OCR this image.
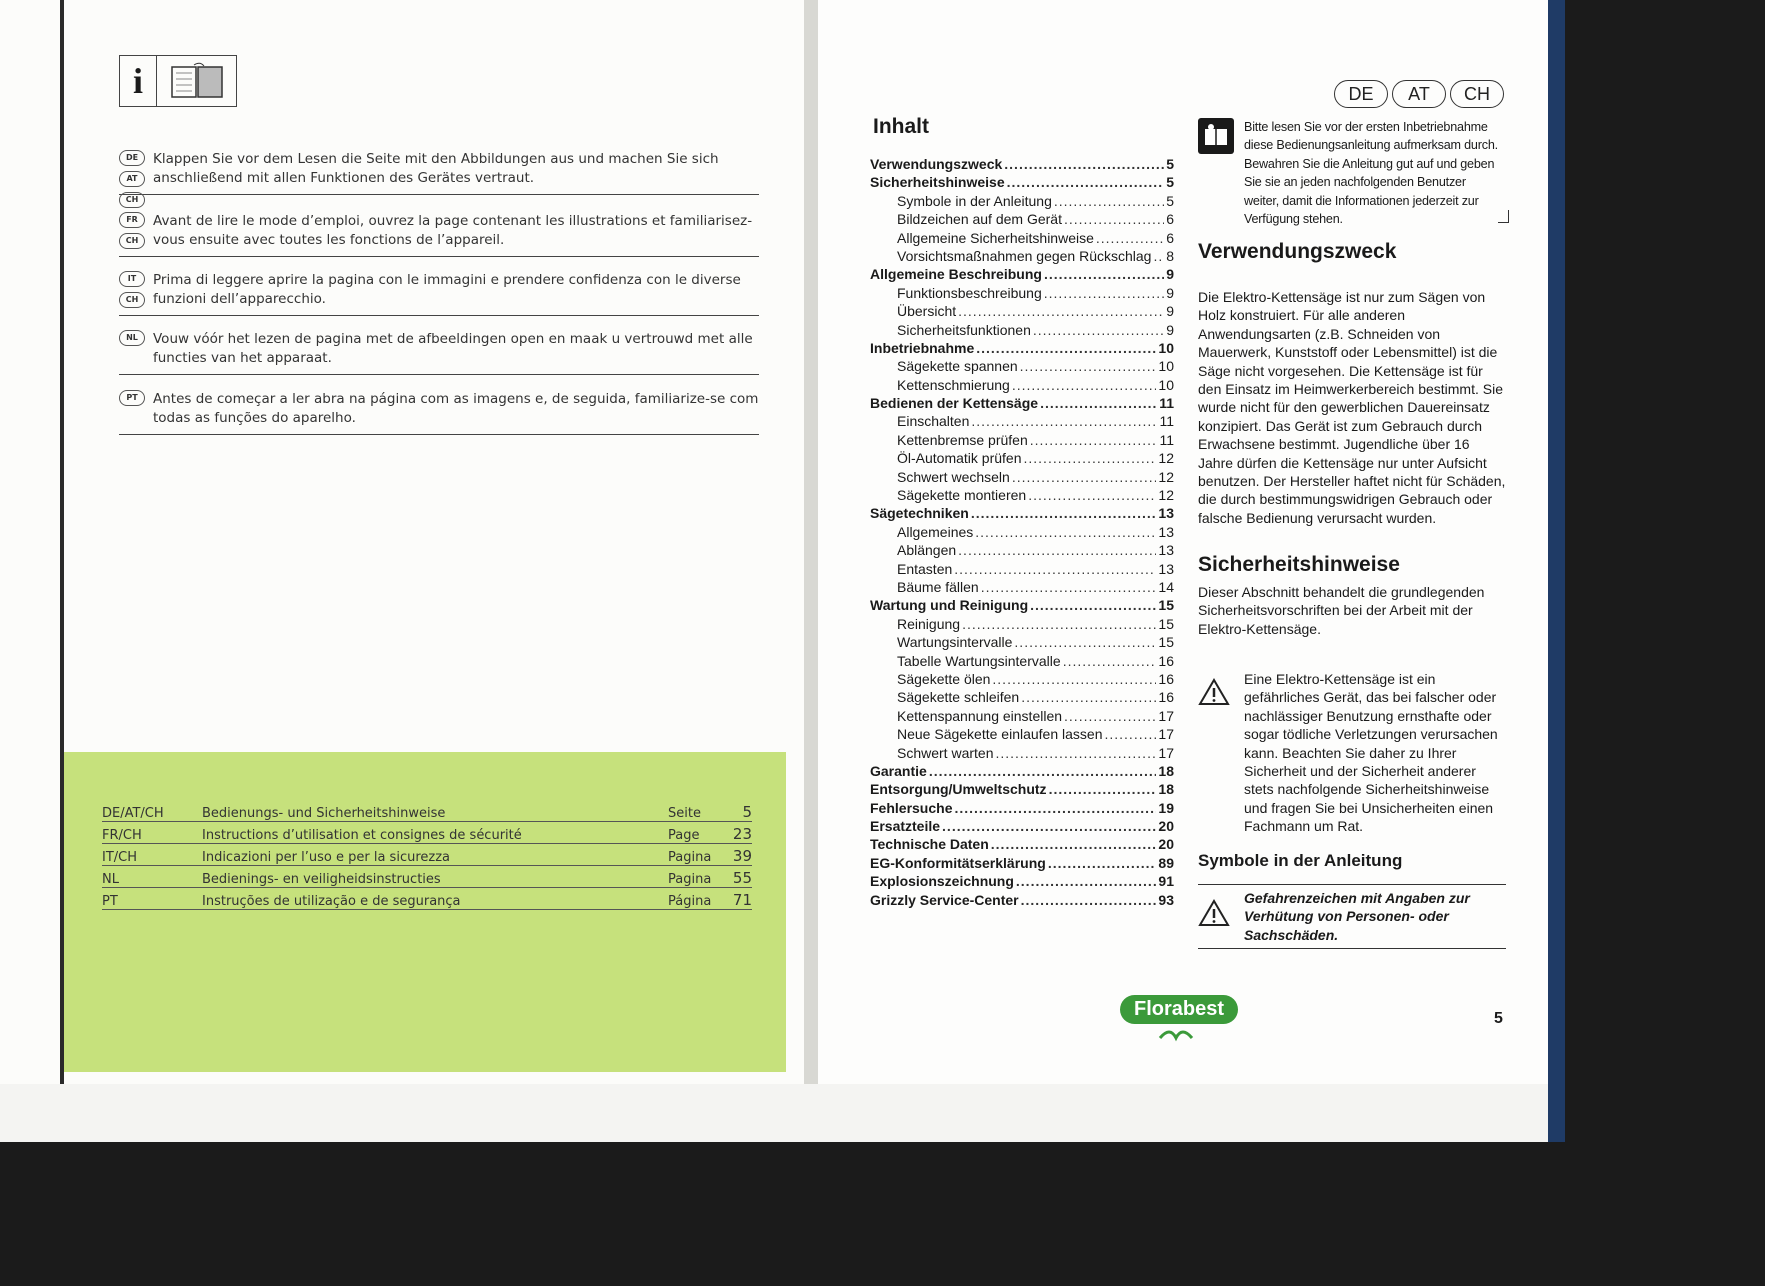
i
DE
AT
CH
Klappen Sie vor dem Lesen die Seite mit den Abbildungen aus und machen Sie sich anschließend mit allen Funktionen des Gerätes vertraut.
FR
CH
Avant de lire le mode d’emploi, ouvrez la page contenant les illustrations et familiarisez-vous ensuite avec toutes les fonctions de l’appareil.
IT
CH
Prima di leggere aprire la pagina con le immagini e prendere confidenza con le diverse funzioni dell’apparecchio.
NL	Vouw vóór het lezen de pagina met de afbeeldingen open en maak u vertrouwd met alle functies van het apparaat.
PT	Antes de começar a ler abra na página com as imagens e, de seguida, familiarize-se com todas as funções do aparelho.
DE/AT/CH	Bedienungs- und Sicherheitshinweise	Seite	5
FR/CH	Instructions d’utilisation et consignes de sécurité	Page	23
IT/CH	Indicazioni per l’uso e per la sicurezza	Pagina	39
NL	Bedienings- en veiligheidsinstructies	Pagina	55
PT	Instruções de utilização e de segurança	Página	71
DE	AT	CH
Inhalt
Verwendungszweck .....	5
Sicherheitshinweise .....	5
Symbole in der Anleitung .....	5
Bildzeichen auf dem Gerät .....	6
Allgemeine Sicherheitshinweise .....	6
Vorsichtsmaßnahmen gegen Rückschlag ..... 8
Allgemeine Beschreibung .....	9
Funktionsbeschreibung .....	9
Übersicht .....	9
Sicherheitsfunktionen .....	9
Inbetriebnahme .....	10
Sägekette spannen .....	10
Kettenschmierung .....	10
Bedienen der Kettensäge .....	11
Einschalten .....	11
Kettenbremse prüfen .....	11
Öl-Automatik prüfen .....	12
Schwert wechseln .....	12
Sägekette montieren .....	12
Sägetechniken .....	13
Allgemeines .....	13
Ablängen .....	13
Entasten .....	13
Bäume fällen .....	14
Wartung und Reinigung .....	15
Reinigung .....	15
Wartungsintervalle .....	15
Tabelle Wartungsintervalle .....	16
Sägekette ölen .....	16
Sägekette schleifen .....	16
Kettenspannung einstellen .....	17
Neue Sägekette einlaufen lassen .....	17
Schwert warten .....	17
Garantie .....	18
Entsorgung/Umweltschutz .....	18
Fehlersuche .....	19
Ersatzteile .....	20
Technische Daten .....	20
EG-Konformitätserklärung .....	89
Explosionszeichnung .....	91
Grizzly Service-Center .....	93
Bitte lesen Sie vor der ersten Inbetriebnahme diese Bedienungsanleitung aufmerksam durch. Bewahren Sie die Anleitung gut auf und geben Sie sie an jeden nachfolgenden Benutzer weiter, damit die Informationen jederzeit zur Verfügung stehen.
Verwendungszweck
Die Elektro-Kettensäge ist nur zum Sägen von Holz konstruiert. Für alle anderen Anwendungsarten (z.B. Schneiden von Mauerwerk, Kunststoff oder Lebensmittel) ist die Säge nicht vorgesehen. Die Kettensäge ist für den Einsatz im Heimwerkerbereich bestimmt. Sie wurde nicht für den gewerblichen Dauereinsatz konzipiert. Das Gerät ist zum Gebrauch durch Erwachsene bestimmt. Jugendliche über 16 Jahre dürfen die Kettensäge nur unter Aufsicht benutzen. Der Hersteller haftet nicht für Schäden, die durch bestimmungswidrigen Gebrauch oder falsche Bedienung verursacht wurden.
Sicherheitshinweise
Dieser Abschnitt behandelt die grundlegenden Sicherheitsvorschriften bei der Arbeit mit der Elektro-Kettensäge.
Eine Elektro-Kettensäge ist ein gefährliches Gerät, das bei falscher oder nachlässiger Benutzung ernsthafte oder sogar tödliche Verletzungen verursachen kann. Beachten Sie daher zu Ihrer Sicherheit und der Sicherheit anderer stets nachfolgende Sicherheitshinweise und fragen Sie bei Unsicherheiten einen Fachmann um Rat.
Symbole in der Anleitung
Gefahrenzeichen mit Angaben zur Verhütung von Personen- oder Sachschäden.
Florabest	5
